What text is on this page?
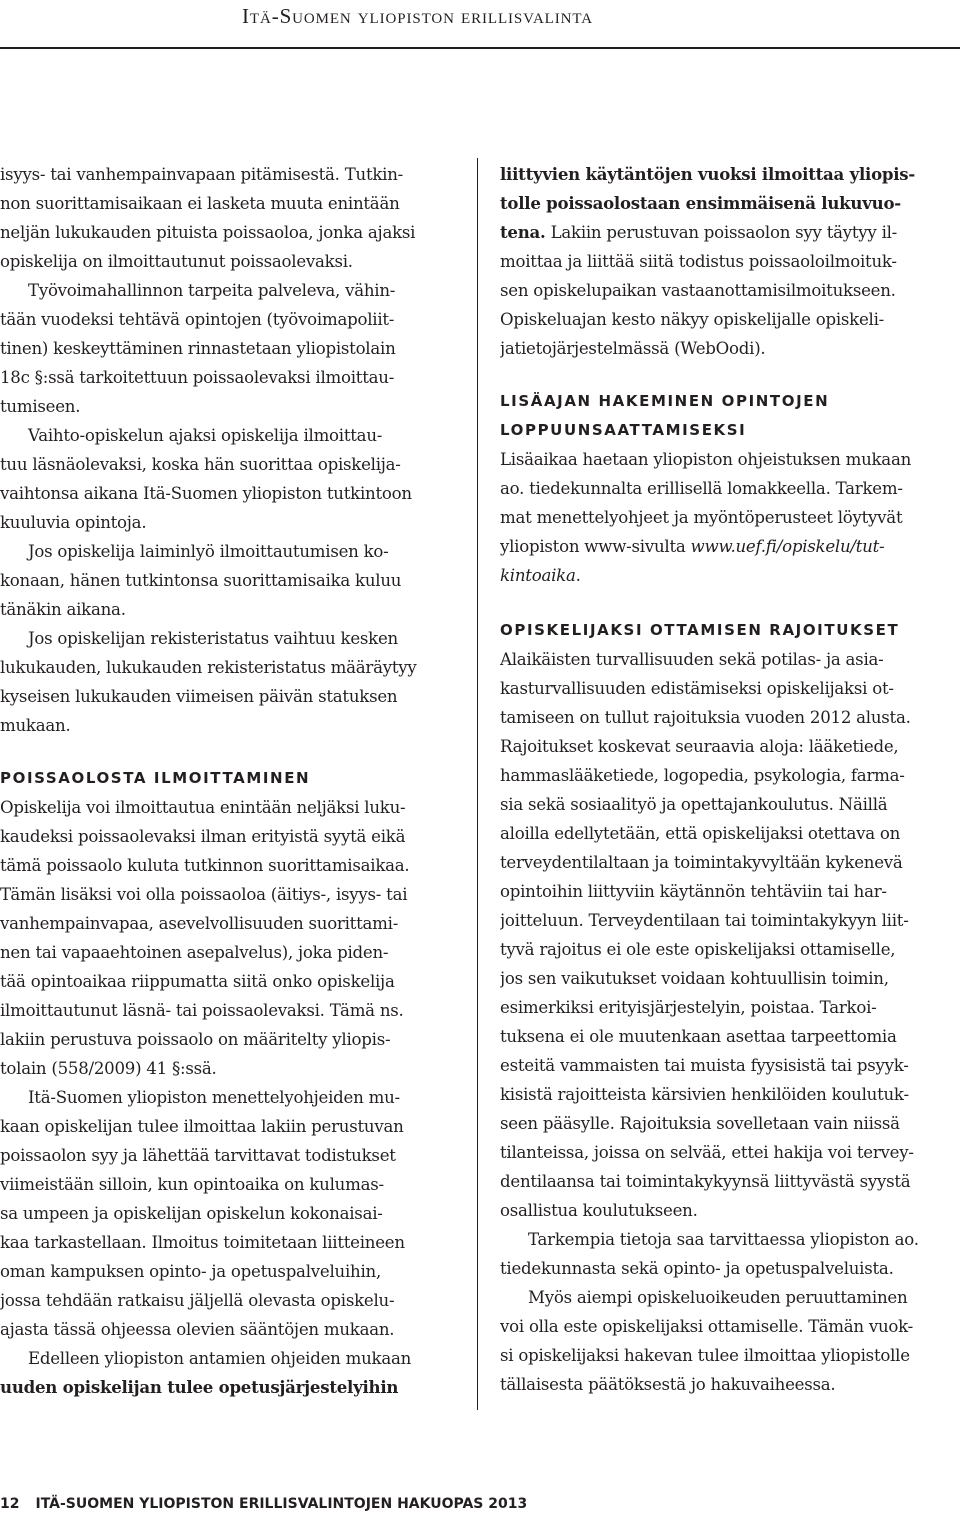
Itä-Suomen yliopiston erillisvalinta
isyys- tai vanhempainvapaan pitämisestä. Tutkin-
non suorittamisaikaan ei lasketa muuta enintään
neljän lukukauden pituista poissaoloa, jonka ajaksi
opiskelija on ilmoittautunut poissaolevaksi.
Työvoimahallinnon tarpeita palveleva, vähin-
tään vuodeksi tehtävä opintojen (työvoimapoliit-
tinen) keskeyttäminen rinnastetaan yliopistolain
18c §:ssä tarkoitettuun poissaolevaksi ilmoittau-
tumiseen.
Vaihto-opiskelun ajaksi opiskelija ilmoittau-
tuu läsnäolevaksi, koska hän suorittaa opiskelija-
vaihtonsa aikana Itä-Suomen yliopiston tutkintoon
kuuluvia opintoja.
Jos opiskelija laiminlyö ilmoittautumisen ko-
konaan, hänen tutkintonsa suorittamisaika kuluu
tänäkin aikana.
Jos opiskelijan rekisteristatus vaihtuu kesken
lukukauden, lukukauden rekisteristatus määräytyy
kyseisen lukukauden viimeisen päivän statuksen
mukaan.
POISSAOLOSTA ILMOITTAMINEN
Opiskelija voi ilmoittautua enintään neljäksi luku-
kaudeksi poissaolevaksi ilman erityistä syytä eikä
tämä poissaolo kuluta tutkinnon suorittamisaikaa.
Tämän lisäksi voi olla poissaoloa (äitiys-, isyys- tai
vanhempainvapaa, asevelvollisuuden suorittami-
nen tai vapaaehtoinen asepalvelus), joka piden-
tää opintoaikaa riippumatta siitä onko opiskelija
ilmoittautunut läsnä- tai poissaolevaksi. Tämä ns.
lakiin perustuva poissaolo on määritelty yliopis-
tolain (558/2009) 41 §:ssä.
Itä-Suomen yliopiston menettelyohjeiden mu-
kaan opiskelijan tulee ilmoittaa lakiin perustuvan
poissaolon syy ja lähettää tarvittavat todistukset
viimeistään silloin, kun opintoaika on kulumas-
sa umpeen ja opiskelijan opiskelun kokonaisai-
kaa tarkastellaan. Ilmoitus toimitetaan liitteineen
oman kampuksen opinto- ja opetuspalveluihin,
jossa tehdään ratkaisu jäljellä olevasta opiskelu-
ajasta tässä ohjeessa olevien sääntöjen mukaan.
Edelleen yliopiston antamien ohjeiden mukaan
uuden opiskelijan tulee opetusjärjestelyihin
liittyvien käytäntöjen vuoksi ilmoittaa yliopis-
tolle poissaolostaan ensimmäisenä lukuvuo-
tena. Lakiin perustuvan poissaolon syy täytyy il-
moittaa ja liittää siitä todistus poissaoloilmoituk-
sen opiskelupaikan vastaanottamisilmoitukseen.
Opiskeluajan kesto näkyy opiskelijalle opiskeli-
jatietojärjestelmässä (WebOodi).
LISÄAJAN HAKEMINEN OPINTOJEN
LOPPUUNSAATTAMISEKSI
Lisäaikaa haetaan yliopiston ohjeistuksen mukaan
ao. tiedekunnalta erillisellä lomakkeella. Tarkem-
mat menettelyohjeet ja myöntöperusteet löytyvät
yliopiston www-sivulta www.uef.fi/opiskelu/tut-
kintoaika.
OPISKELIJAKSI OTTAMISEN RAJOITUKSET
Alaikäisten turvallisuuden sekä potilas- ja asia-
kasturvallisuuden edistämiseksi opiskelijaksi ot-
tamiseen on tullut rajoituksia vuoden 2012 alusta.
Rajoitukset koskevat seuraavia aloja: lääketiede,
hammaslääketiede, logopedia, psykologia, farma-
sia sekä sosiaalityö ja opettajankoulutus. Näillä
aloilla edellytetään, että opiskelijaksi otettava on
terveydentilaltaan ja toimintakyvyltään kykenevä
opintoihin liittyviin käytännön tehtäviin tai har-
joitteluun. Terveydentilaan tai toimintakykyyn liit-
tyvä rajoitus ei ole este opiskelijaksi ottamiselle,
jos sen vaikutukset voidaan kohtuullisin toimin,
esimerkiksi erityisjärjestelyin, poistaa. Tarkoi-
tuksena ei ole muutenkaan asettaa tarpeettomia
esteitä vammaisten tai muista fyysisistä tai psyyk-
kisistä rajoitteista kärsivien henkilöiden koulutuk-
seen pääsylle. Rajoituksia sovelletaan vain niissä
tilanteissa, joissa on selvää, ettei hakija voi tervey-
dentilaansa tai toimintakykyynsä liittyvästä syystä
osallistua koulutukseen.
Tarkempia tietoja saa tarvittaessa yliopiston ao.
tiedekunnasta sekä opinto- ja opetuspalveluista.
Myös aiempi opiskeluoikeuden peruuttaminen
voi olla este opiskelijaksi ottamiselle. Tämän vuok-
si opiskelijaksi hakevan tulee ilmoittaa yliopistolle
tällaisesta päätöksestä jo hakuvaiheessa.
12 ITÄ-SUOMEN YLIOPISTON ERILLISVALINTOJEN HAKUOPAS 2013
